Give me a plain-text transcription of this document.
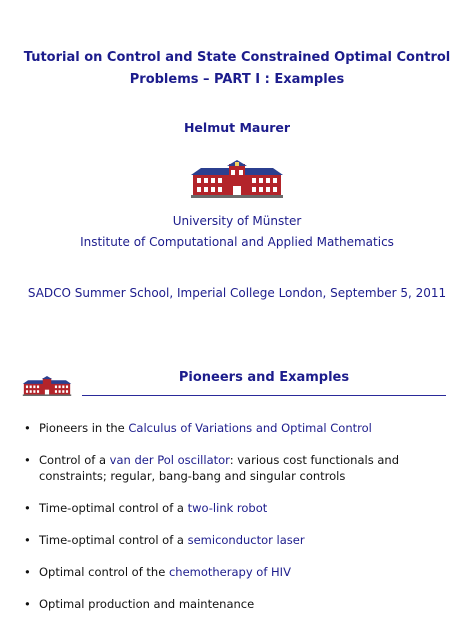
Tutorial on Control and State Constrained Optimal Control
Problems – PART I : Examples
Helmut Maurer
University of Münster
Institute of Computational and Applied Mathematics
SADCO Summer School, Imperial College London, September 5, 2011
Pioneers and Examples
• Pioneers in the Calculus of Variations and Optimal Control
• Control of a van der Pol oscillator: various cost functionals and constraints; regular, bang-bang and singular controls
• Time-optimal control of a two-link robot
• Time-optimal control of a semiconductor laser
• Optimal control of the chemotherapy of HIV
• Optimal production and maintenance
